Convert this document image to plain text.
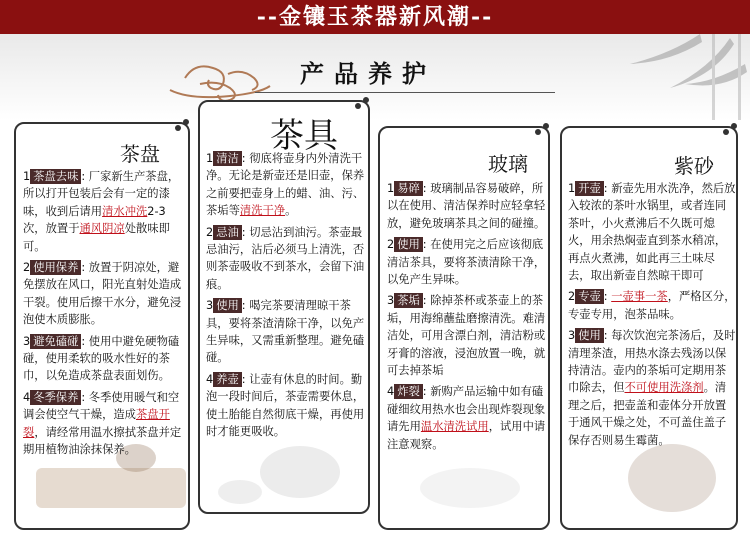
--金镶玉茶器新风潮--
产品养护
茶盘

1 茶盘去味 : 厂家新生产茶盘，所以打开包装后会有一定的漆味，收到后请用清水冲洗2-3次，放置于通风阴凉处散味即可。

2 使用保养 : 放置于阴凉处，避免摆放在风口，阳光直射处造成干裂。使用后擦干水分，避免浸泡使木质膨胀。

3 避免磕碰 : 使用中避免硬物磕碰，使用柔软的吸水性好的茶巾，以免造成茶盘表面划伤。

4 冬季保养 : 冬季使用暖气和空调会使空气干燥，造成茶盘开裂，请经常用温水擦拭茶盘并定期用植物油涂抹保养。

茶具

1 清洁 : 彻底将壶身内外清洗干净。无论是新壶还是旧壶，保养之前要把壶身上的蜡、油、污、茶垢等清洗干净。

2 忌油 : 切忌沾到油污。茶壶最忌油污，沾后必须马上清洗，否则茶壶吸收不到茶水，会留下油痕。

3 使用 : 喝完茶要清理晾干茶具，要将茶渣清除干净，以免产生异味，又需重新整理。避免磕碰。

4 养壶 : 让壶有休息的时间。勤泡一段时间后，茶壶需要休息，使土胎能自然彻底干燥，再使用时才能更吸收。

玻璃

1 易碎 : 玻璃制品容易破碎，所以在使用、清洁保养时应轻拿轻放，避免玻璃茶具之间的碰撞。

2 使用 : 在使用完之后应该彻底清洁茶具，要将茶渍清除干净，以免产生异味。

3 茶垢 : 除掉茶杯或茶壶上的茶垢，用海绵蘸盐磨擦清洗。难清洁处，可用含漂白剂，清洁粉或牙膏的溶液，浸泡放置一晚，就可去掉茶垢

4 炸裂 : 新购产品运输中如有磕碰细纹用热水也会出现炸裂现象请先用温水清洗试用，试用中请注意观察。

紫砂

1 开壶 : 新壶先用水洗净，然后放入较浓的茶叶水锅里，或者连同茶叶，小火煮沸后不久既可熄火，用余热焖壶直到茶水稍凉，再点火煮沸，如此再三土味尽去，取出新壶自然晾干即可

2 专壶 : 一壶事一茶，严格区分，专壶专用，泡茶品味。

3 使用 : 每次饮泡完茶汤后，及时清理茶渣，用热水涤去残汤以保持清洁。壶内的茶垢可定期用茶巾除去，但不可使用洗涤剂。清理之后，把壶盖和壶体分开放置于通风干燥之处，不可盖住盖子保存否则易生霉菌。
